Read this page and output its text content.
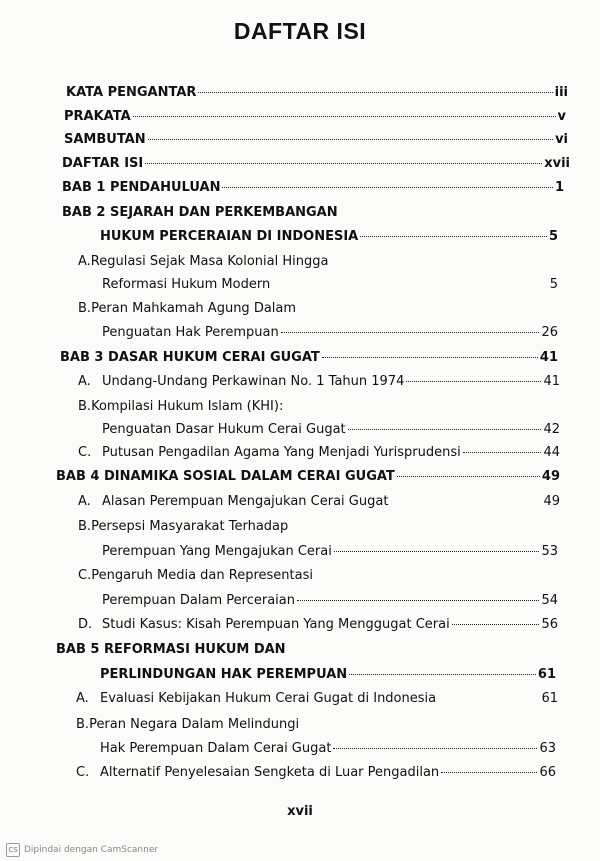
DAFTAR ISI
KATA PENGANTAR	iii
PRAKATA	v
SAMBUTAN	vi
DAFTAR ISI	xvii
BAB 1 PENDAHULUAN	1
BAB 2 SEJARAH DAN PERKEMBANGAN
HUKUM PERCERAIAN DI INDONESIA	5
A.Regulasi Sejak Masa Kolonial Hingga
Reformasi Hukum Modern	5
B.Peran Mahkamah Agung Dalam
Penguatan Hak Perempuan	26
BAB 3 DASAR HUKUM CERAI GUGAT	41
A. Undang-Undang Perkawinan No. 1 Tahun 1974	41
B.Kompilasi Hukum Islam (KHI):
Penguatan Dasar Hukum Cerai Gugat	42
C. Putusan Pengadilan Agama Yang Menjadi Yurisprudensi	44
BAB 4 DINAMIKA SOSIAL DALAM CERAI GUGAT	49
A. Alasan Perempuan Mengajukan Cerai Gugat	49
B.Persepsi Masyarakat Terhadap
Perempuan Yang Mengajukan Cerai	53
C.Pengaruh Media dan Representasi
Perempuan Dalam Perceraian	54
D. Studi Kasus: Kisah Perempuan Yang Menggugat Cerai	56
BAB 5 REFORMASI HUKUM DAN
PERLINDUNGAN HAK PEREMPUAN	61
A. Evaluasi Kebijakan Hukum Cerai Gugat di Indonesia	61
B.Peran Negara Dalam Melindungi
Hak Perempuan Dalam Cerai Gugat	63
C. Alternatif Penyelesaian Sengketa di Luar Pengadilan	66
xvii
CS Dipindai dengan CamScanner
